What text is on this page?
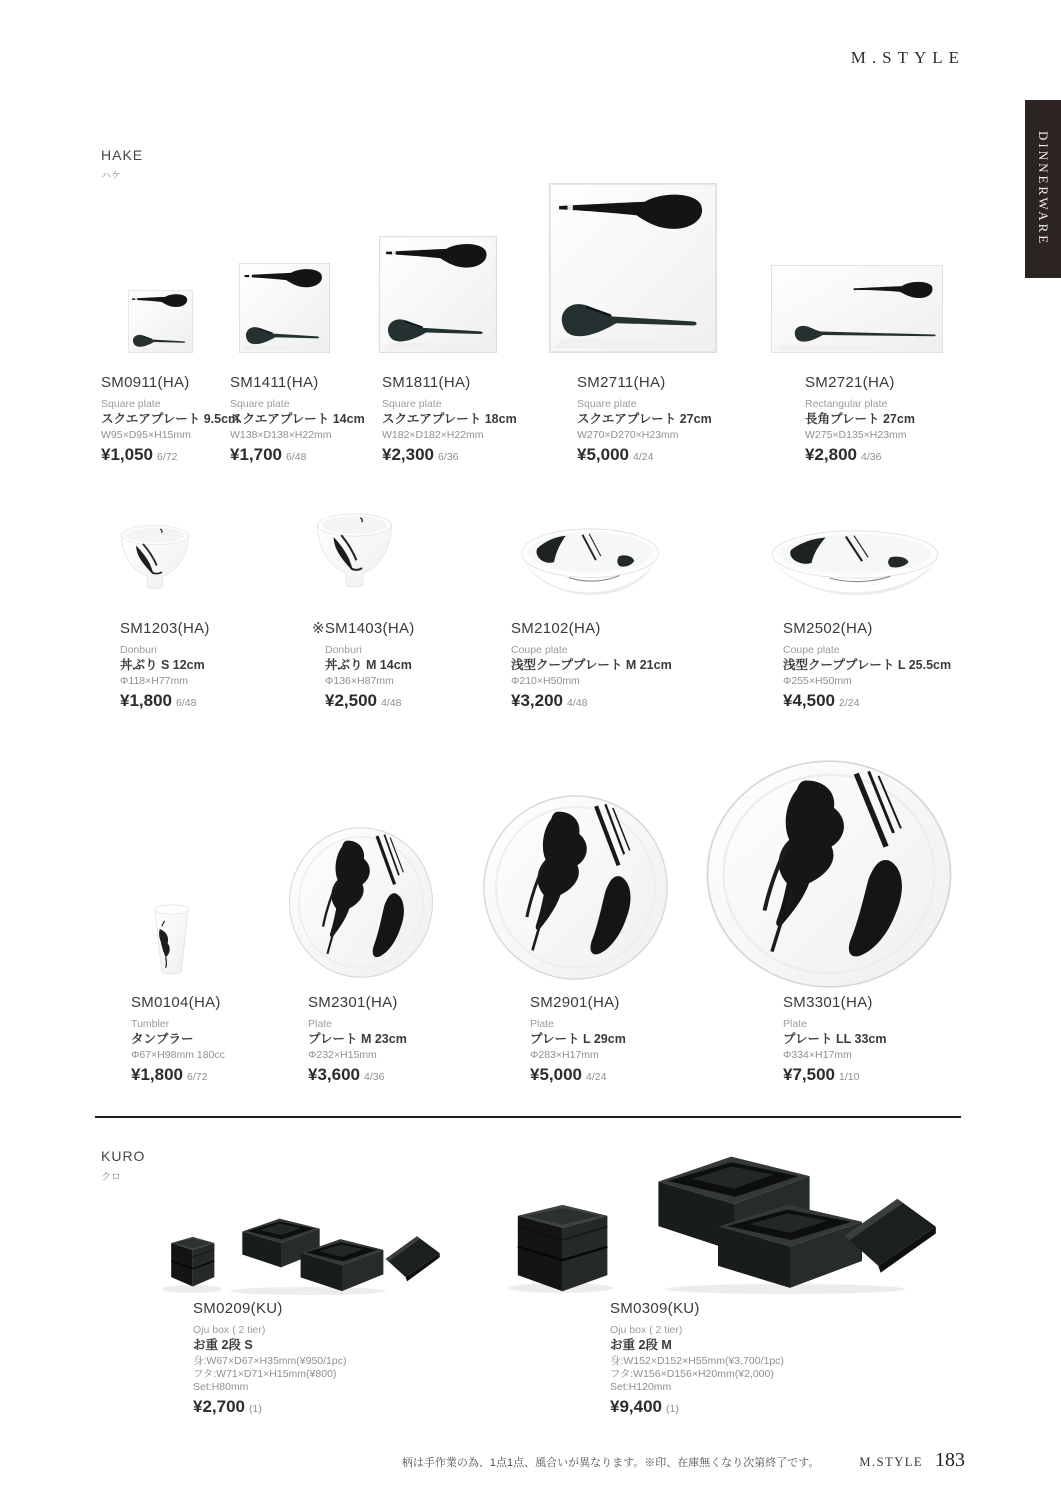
M.STYLE
DINNERWARE
HAKE
ハケ
SM0911(HA)
Square plate
スクエアプレート 9.5cm
W95×D95×H15mm
¥1,050 6/72
SM1411(HA)
Square plate
スクエアプレート 14cm
W138×D138×H22mm
¥1,700 6/48
SM1811(HA)
Square plate
スクエアプレート 18cm
W182×D182×H22mm
¥2,300 6/36
SM2711(HA)
Square plate
スクエアプレート 27cm
W270×D270×H23mm
¥5,000 4/24
SM2721(HA)
Rectangular plate
長角プレート 27cm
W275×D135×H23mm
¥2,800 4/36
SM1203(HA)
Donburi
丼ぶり S 12cm
Φ118×H77mm
¥1,800 6/48
※SM1403(HA)
Donburi
丼ぶり M 14cm
Φ136×H87mm
¥2,500 4/48
SM2102(HA)
Coupe plate
浅型クーププレート M 21cm
Φ210×H50mm
¥3,200 4/48
SM2502(HA)
Coupe plate
浅型クーププレート L 25.5cm
Φ255×H50mm
¥4,500 2/24
SM0104(HA)
Tumbler
タンブラー
Φ67×H98mm 180cc
¥1,800 6/72
SM2301(HA)
Plate
プレート M 23cm
Φ232×H15mm
¥3,600 4/36
SM2901(HA)
Plate
プレート L 29cm
Φ283×H17mm
¥5,000 4/24
SM3301(HA)
Plate
プレート LL 33cm
Φ334×H17mm
¥7,500 1/10
KURO
クロ
SM0209(KU)
Oju box ( 2 tier)
お重 2段 S
身:W67×D67×H35mm(¥950/1pc)
フタ:W71×D71×H15mm(¥800)
Set:H80mm
¥2,700 (1)
SM0309(KU)
Oju box ( 2 tier)
お重 2段 M
身:W152×D152×H55mm(¥3,700/1pc)
フタ:W156×D156×H20mm(¥2,000)
Set:H120mm
¥9,400 (1)
柄は手作業の為、1点1点、風合いが異なります。※印、在庫無くなり次第終了です。	M.STYLE 183
